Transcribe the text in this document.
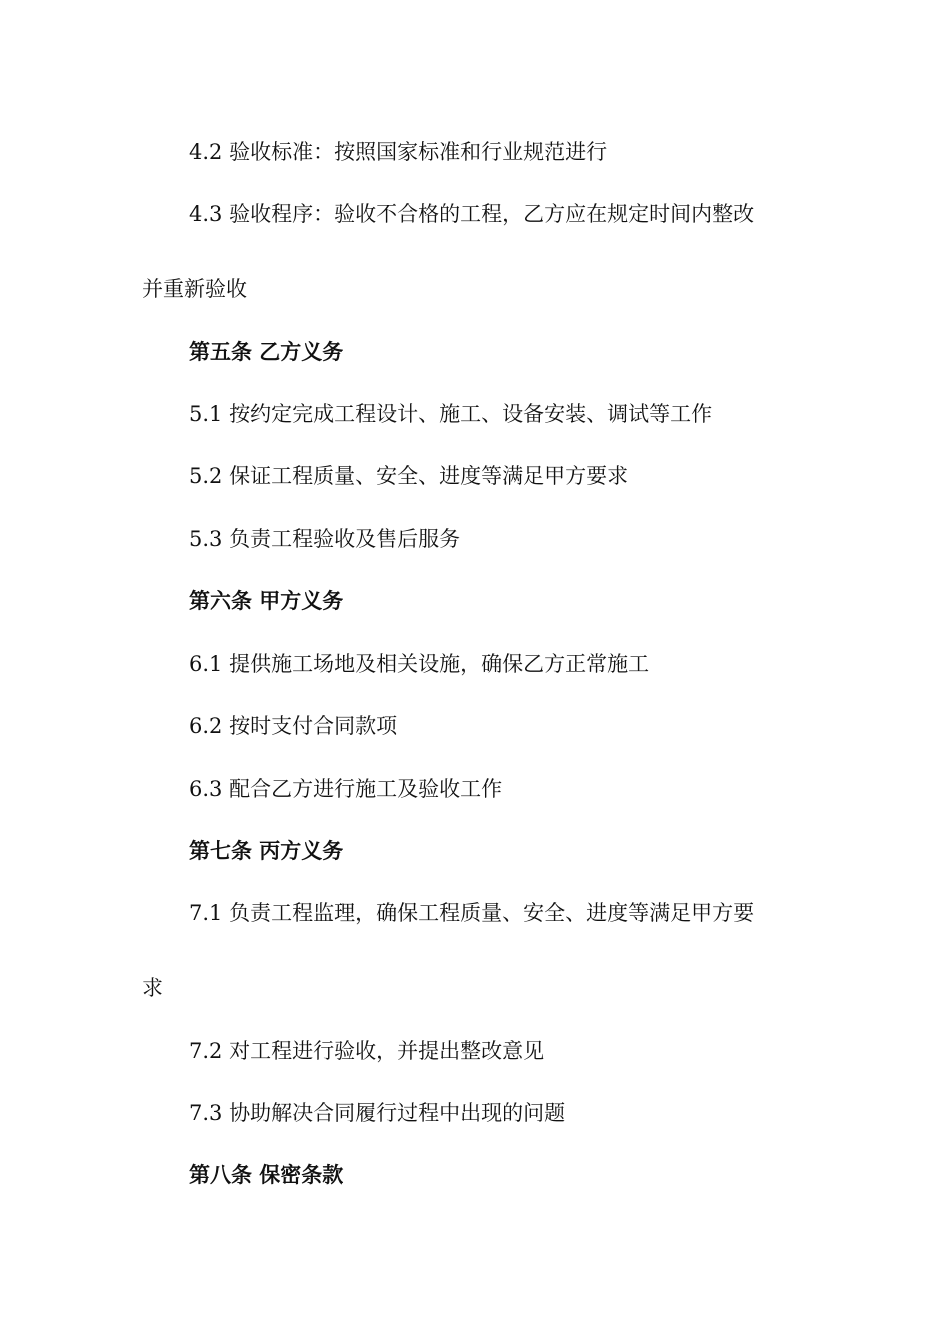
4.2 验收标准：按照国家标准和行业规范进行

4.3 验收程序：验收不合格的工程，乙方应在规定时间内整改

并重新验收

第五条 乙方义务

5.1 按约定完成工程设计、施工、设备安装、调试等工作

5.2 保证工程质量、安全、进度等满足甲方要求

5.3 负责工程验收及售后服务

第六条 甲方义务

6.1 提供施工场地及相关设施，确保乙方正常施工

6.2 按时支付合同款项

6.3 配合乙方进行施工及验收工作

第七条 丙方义务

7.1 负责工程监理，确保工程质量、安全、进度等满足甲方要

求

7.2 对工程进行验收，并提出整改意见

7.3 协助解决合同履行过程中出现的问题

第八条 保密条款
